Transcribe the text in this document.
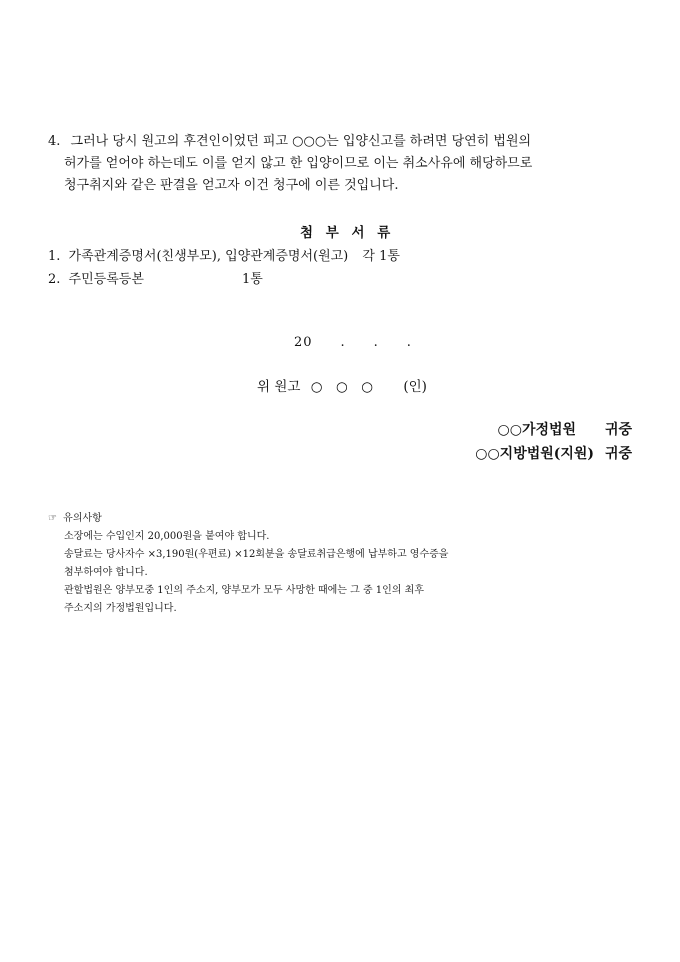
4. 그러나 당시 원고의 후견인이었던 피고 ○○○는 입양신고를 하려면 당연히 법원의
허가를 얻어야 하는데도 이를 얻지 않고 한 입양이므로 이는 취소사유에 해당하므로
청구취지와 같은 판결을 얻고자 이건 청구에 이른 것입니다.
첨 부 서 류
1. 가족관계증명서(친생부모), 입양관계증명서(원고) 각 1통
2. 주민등록등본	1통
20　　.　　.　　.
위 원고 ○　○　○ (인)
○○가정법원 귀중
○○지방법원(지원) 귀중
☞ 유의사항
소장에는 수입인지 20,000원을 붙여야 합니다.
송달료는 당사자수 ×3,190원(우편료) ×12회분을 송달료취급은행에 납부하고 영수증을
첨부하여야 합니다.
관할법원은 양부모중 1인의 주소지, 양부모가 모두 사망한 때에는 그 중 1인의 최후
주소지의 가정법원입니다.
